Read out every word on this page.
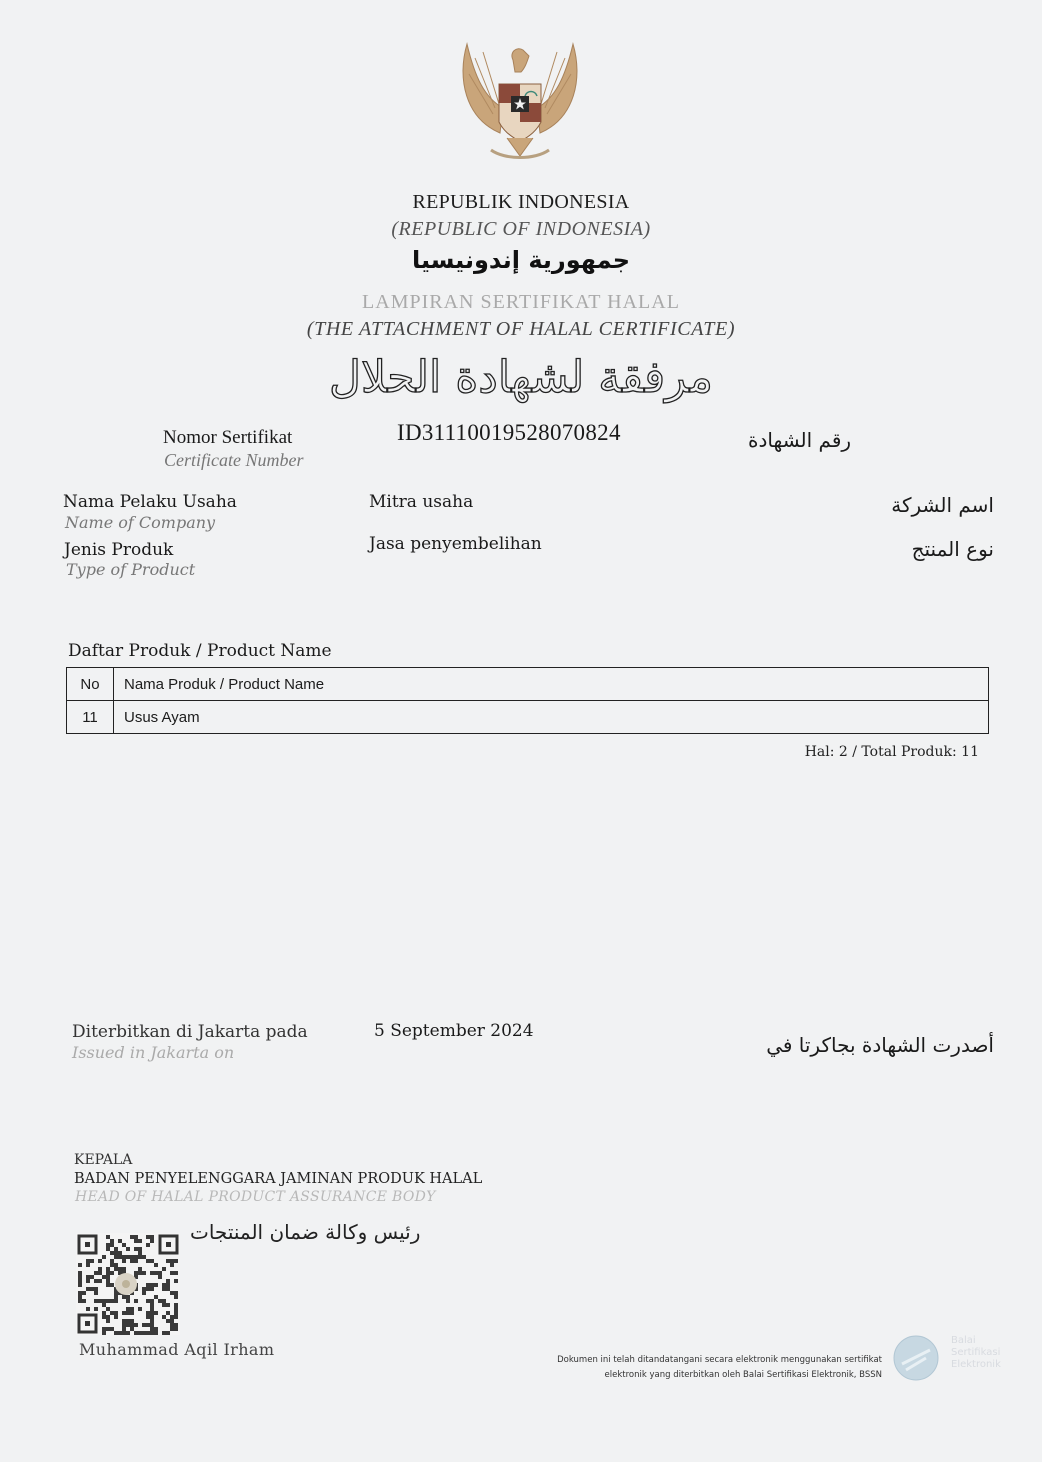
REPUBLIK INDONESIA
(REPUBLIC OF INDONESIA)
جمهورية إندونيسيا
LAMPIRAN SERTIFIKAT HALAL
(THE ATTACHMENT OF HALAL CERTIFICATE)
مرفقة لشهادة الحلال
Nomor Sertifikat
Certificate Number
ID31110019528070824	رقم الشهادة
Nama Pelaku Usaha
Name of Company
Mitra usaha	اسم الشركة
Jenis Produk
Type of Product
Jasa penyembelihan	نوع المنتج
Daftar Produk / Product Name
No	Nama Produk / Product Name
11	Usus Ayam
Hal: 2 / Total Produk: 11
Diterbitkan di Jakarta pada
Issued in Jakarta on
5 September 2024
أصدرت الشهادة بجاكرتا في
KEPALA
BADAN PENYELENGGARA JAMINAN PRODUK HALAL
HEAD OF HALAL PRODUCT ASSURANCE BODY
رئيس وكالة ضمان المنتجات
Muhammad Aqil Irham
Dokumen ini telah ditandatangani secara elektronik menggunakan sertifikat
elektronik yang diterbitkan oleh Balai Sertifikasi Elektronik, BSSN
Balai
Sertifikasi
Elektronik
